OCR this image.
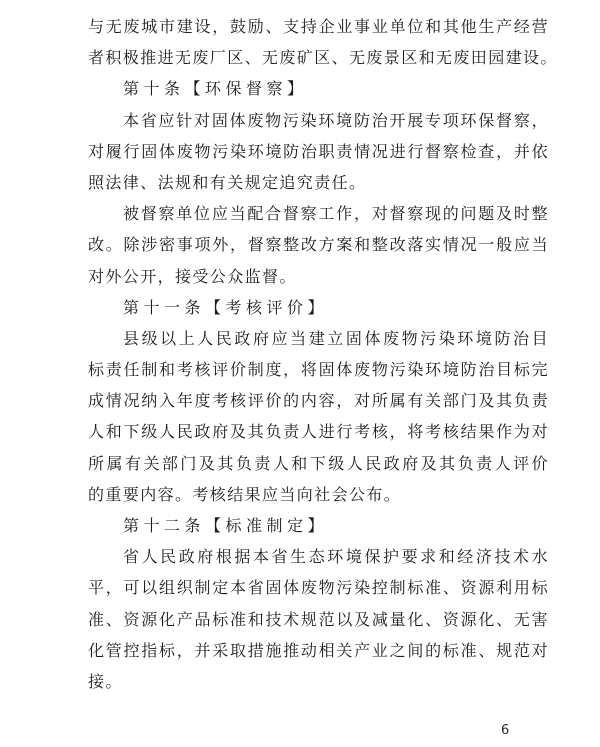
与无废城市建设，鼓励、支持企业事业单位和其他生产经营
者积极推进无废厂区、无废矿区、无废景区和无废田园建设。
第十条【环保督察】
本省应针对固体废物污染环境防治开展专项环保督察，
对履行固体废物污染环境防治职责情况进行督察检查，并依
照法律、法规和有关规定追究责任。
被督察单位应当配合督察工作，对督察现的问题及时整
改。除涉密事项外，督察整改方案和整改落实情况一般应当
对外公开，接受公众监督。
第十一条【考核评价】
县级以上人民政府应当建立固体废物污染环境防治目
标责任制和考核评价制度，将固体废物污染环境防治目标完
成情况纳入年度考核评价的内容，对所属有关部门及其负责
人和下级人民政府及其负责人进行考核，将考核结果作为对
所属有关部门及其负责人和下级人民政府及其负责人评价
的重要内容。考核结果应当向社会公布。
第十二条【标准制定】
省人民政府根据本省生态环境保护要求和经济技术水
平，可以组织制定本省固体废物污染控制标准、资源利用标
准、资源化产品标准和技术规范以及减量化、资源化、无害
化管控指标，并采取措施推动相关产业之间的标准、规范对
接。
6
